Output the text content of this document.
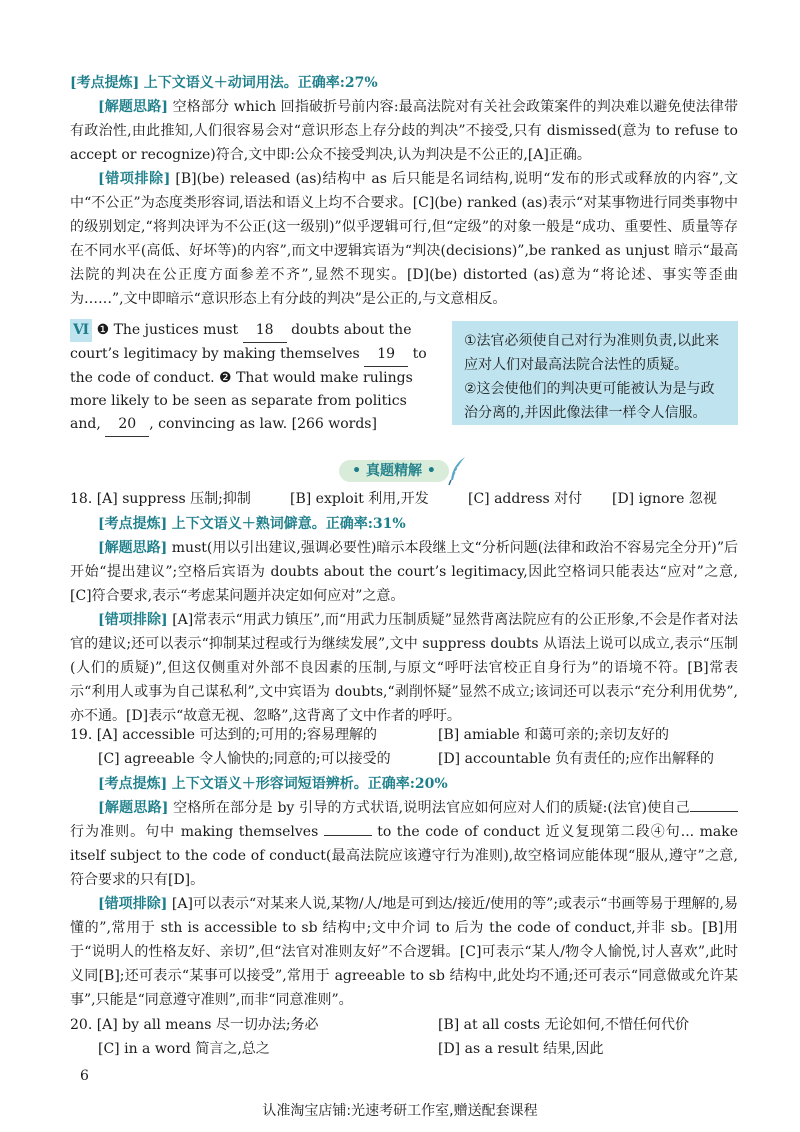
[考点提炼] 上下文语义＋动词用法。正确率:27%
[解题思路] 空格部分 which 回指破折号前内容:最高法院对有关社会政策案件的判决难以避免使法律带有政治性,由此推知,人们很容易会对“意识形态上存分歧的判决”不接受,只有 dismissed(意为 to refuse to accept or recognize)符合,文中即:公众不接受判决,认为判决是不公正的,[A]正确。
[错项排除] [B](be) released (as)结构中 as 后只能是名词结构,说明“发布的形式或释放的内容”,文中“不公正”为态度类形容词,语法和语义上均不合要求。[C](be) ranked (as)表示“对某事物进行同类事物中的级别划定,“将判决评为不公正(这一级别)”似乎逻辑可行,但“定级”的对象一般是“成功、重要性、质量等存在不同水平(高低、好坏等)的内容”,而文中逻辑宾语为“判决(decisions)”,be ranked as unjust 暗示“最高法院的判决在公正度方面参差不齐”,显然不现实。[D](be) distorted (as)意为“将论述、事实等歪曲为……”,文中即暗示“意识形态上有分歧的判决”是公正的,与文意相反。
Ⅵ ❶ The justices must 18 doubts about the court’s legitimacy by making themselves 19 to the code of conduct. ❷ That would make rulings more likely to be seen as separate from politics and, 20 , convincing as law. [266 words]
①法官必须使自己对行为准则负责,以此来应对人们对最高法院合法性的质疑。
②这会使他们的判决更可能被认为是与政治分离的,并因此像法律一样令人信服。
• 真题精解 •
18. [A] suppress 压制;抑制	[B] exploit 利用,开发	[C] address 对付 [D] ignore 忽视
[考点提炼] 上下文语义＋熟词僻意。正确率:31%
[解题思路] must(用以引出建议,强调必要性)暗示本段继上文“分析问题(法律和政治不容易完全分开)”后开始“提出建议”;空格后宾语为 doubts about the court’s legitimacy,因此空格词只能表达“应对”之意,[C]符合要求,表示“考虑某问题并决定如何应对”之意。
[错项排除] [A]常表示“用武力镇压”,而“用武力压制质疑”显然背离法院应有的公正形象,不会是作者对法官的建议;还可以表示“抑制某过程或行为继续发展”,文中 suppress doubts 从语法上说可以成立,表示“压制(人们的质疑)”,但这仅侧重对外部不良因素的压制,与原文“呼吁法官校正自身行为”的语境不符。[B]常表示“利用人或事为自己谋私利”,文中宾语为 doubts,“剥削怀疑”显然不成立;该词还可以表示“充分利用优势”,亦不通。[D]表示“故意无视、忽略”,这背离了文中作者的呼吁。
19. [A] accessible 可达到的;可用的;容易理解的	[B] amiable 和蔼可亲的;亲切友好的
[C] agreeable 令人愉快的;同意的;可以接受的	[D] accountable 负有责任的;应作出解释的
[考点提炼] 上下文语义＋形容词短语辨析。正确率:20%
[解题思路] 空格所在部分是 by 引导的方式状语,说明法官应如何应对人们的质疑:(法官)使自己行为准则。句中 making themselves	to the code of conduct 近义复现第二段④句... make itself subject to the code of conduct(最高法院应该遵守行为准则),故空格词应能体现“服从,遵守”之意,符合要求的只有[D]。
[错项排除] [A]可以表示“对某来人说,某物/人/地是可到达/接近/使用的等”;或表示“书画等易于理解的,易懂的”,常用于 sth is accessible to sb 结构中;文中介词 to 后为 the code of conduct,并非 sb。[B]用于“说明人的性格友好、亲切”,但“法官对准则友好”不合逻辑。[C]可表示“某人/物令人愉悦,讨人喜欢”,此时义同[B];还可表示“某事可以接受”,常用于 agreeable to sb 结构中,此处均不通;还可表示“同意做或允许某事”,只能是“同意遵守准则”,而非“同意准则”。
20. [A] by all means 尽一切办法;务必	[B] at all costs 无论如何,不惜任何代价
[C] in a word 简言之,总之	[D] as a result 结果,因此
6
认准淘宝店铺:光速考研工作室,赠送配套课程
